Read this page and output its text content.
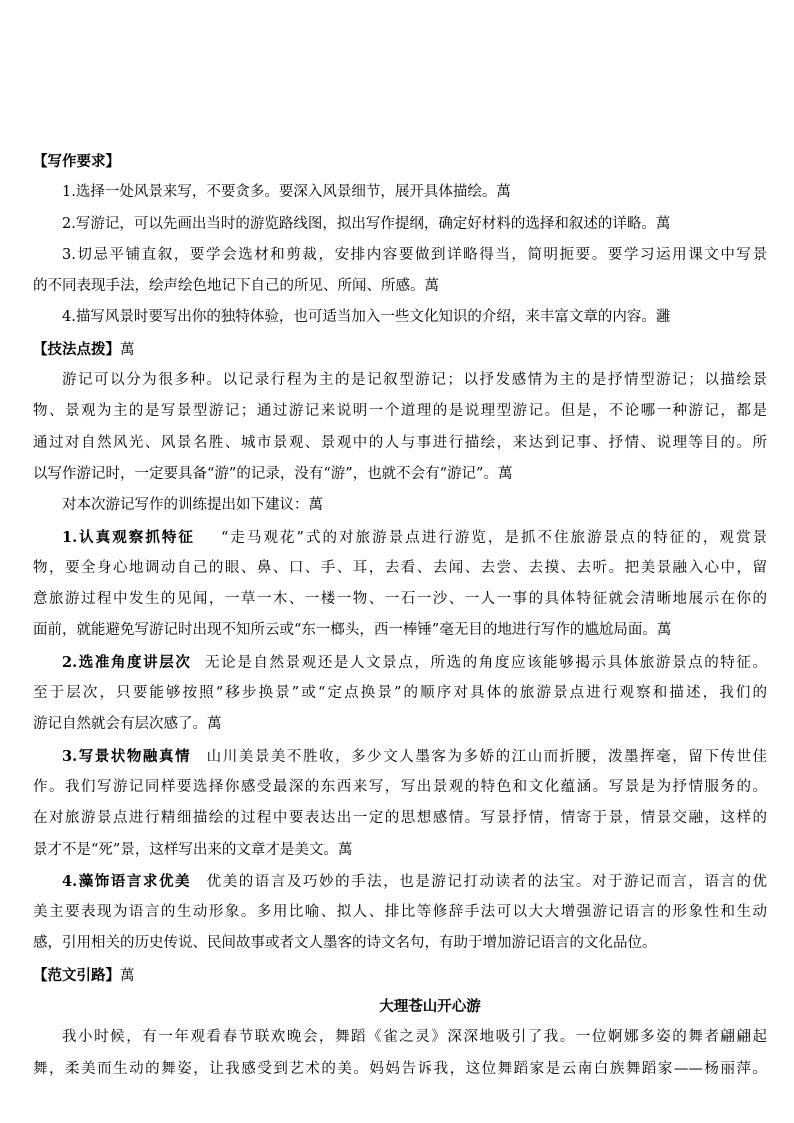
【写作要求】
1.选择一处风景来写，不要贪多。要深入风景细节，展开具体描绘。萬
2.写游记，可以先画出当时的游览路线图，拟出写作提纲，确定好材料的选择和叙述的详略。萬
3.切忌平铺直叙，要学会选材和剪裁，安排内容要做到详略得当，简明扼要。要学习运用课文中写景
的不同表现手法，绘声绘色地记下自己的所见、所闻、所感。萬
4.描写风景时要写出你的独特体验，也可适当加入一些文化知识的介绍，来丰富文章的内容。灉
【技法点拨】萬
游记可以分为很多种。以记录行程为主的是记叙型游记；以抒发感情为主的是抒情型游记；以描绘景
物、景观为主的是写景型游记；通过游记来说明一个道理的是说理型游记。但是，不论哪一种游记，都是
通过对自然风光、风景名胜、城市景观、景观中的人与事进行描绘，来达到记事、抒情、说理等目的。所
以写作游记时，一定要具备“游”的记录，没有“游”，也就不会有“游记”。萬
对本次游记写作的训练提出如下建议：萬
1.认真观察抓特征 “走马观花”式的对旅游景点进行游览，是抓不住旅游景点的特征的，观赏景
物，要全身心地调动自己的眼、鼻、口、手、耳，去看、去闻、去尝、去摸、去听。把美景融入心中，留
意旅游过程中发生的见闻，一草一木、一楼一物、一石一沙、一人一事的具体特征就会清晰地展示在你的
面前，就能避免写游记时出现不知所云或“东一榔头，西一棒锤”毫无目的地进行写作的尴尬局面。萬
2.选准角度讲层次 无论是自然景观还是人文景点，所选的角度应该能够揭示具体旅游景点的特征。
至于层次，只要能够按照“移步换景”或“定点换景”的顺序对具体的旅游景点进行观察和描述，我们的
游记自然就会有层次感了。萬
3.写景状物融真情 山川美景美不胜收，多少文人墨客为多娇的江山而折腰，泼墨挥毫，留下传世佳
作。我们写游记同样要选择你感受最深的东西来写，写出景观的特色和文化蕴涵。写景是为抒情服务的。
在对旅游景点进行精细描绘的过程中要表达出一定的思想感情。写景抒情，情寄于景，情景交融，这样的
景才不是“死”景，这样写出来的文章才是美文。萬
4.藻饰语言求优美 优美的语言及巧妙的手法，也是游记打动读者的法宝。对于游记而言，语言的优
美主要表现为语言的生动形象。多用比喻、拟人、排比等修辞手法可以大大增强游记语言的形象性和生动
感，引用相关的历史传说、民间故事或者文人墨客的诗文名句，有助于增加游记语言的文化品位。
【范文引路】萬
大理苍山开心游
我小时候，有一年观看春节联欢晚会，舞蹈《雀之灵》深深地吸引了我。一位婀娜多姿的舞者翩翩起
舞，柔美而生动的舞姿，让我感受到艺术的美。妈妈告诉我，这位舞蹈家是云南白族舞蹈家——杨丽萍。
